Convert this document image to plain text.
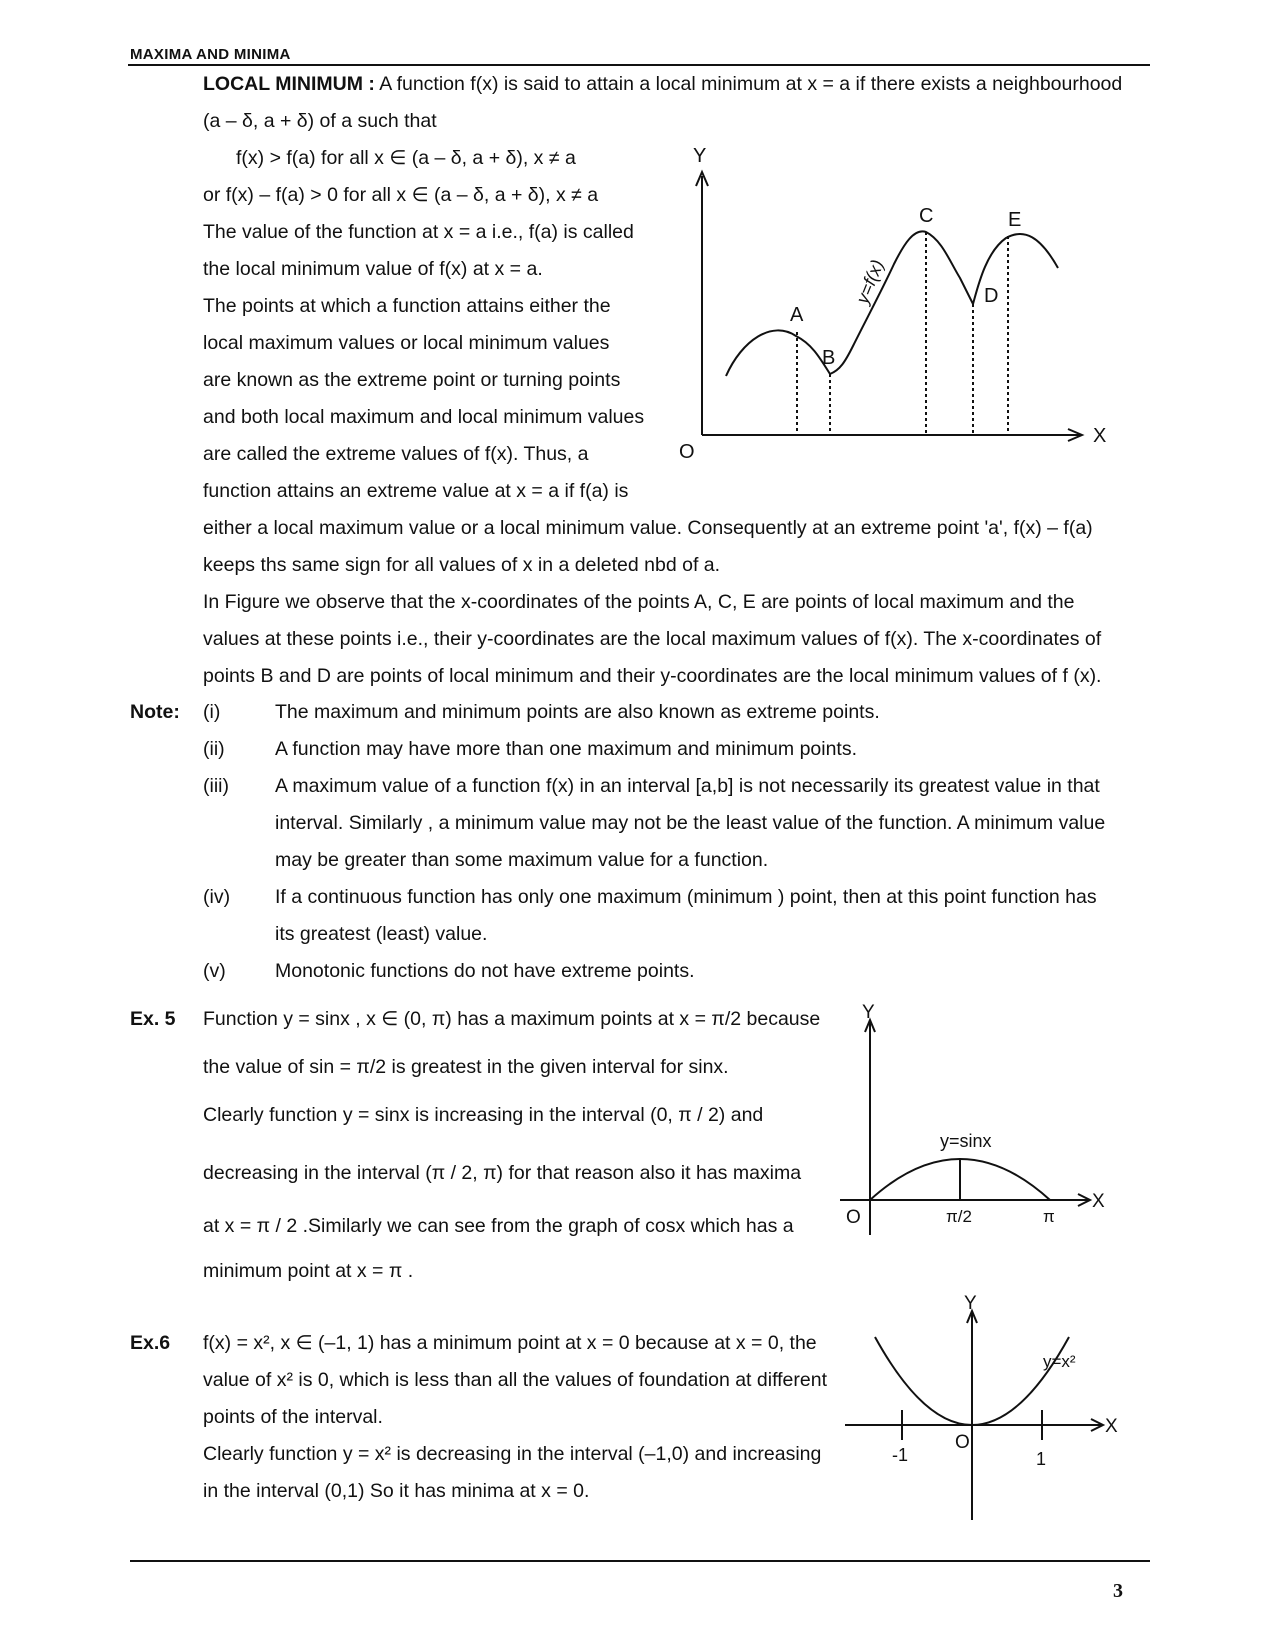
MAXIMA AND MINIMA
LOCAL MINIMUM : A function f(x) is said to attain a local minimum at x = a if there exists a neighbourhood
(a – δ, a + δ) of a such that
f(x) > f(a) for all x ∈ (a – δ, a + δ), x ≠ a
or f(x) – f(a) > 0 for all x ∈ (a – δ, a + δ), x ≠ a
The value of the function at x = a i.e., f(a) is called
the local minimum value of f(x) at x = a.
The points at which a function attains either the
local maximum values or local minimum values
are known as the extreme point or turning points
and both local maximum and local minimum values
are called the extreme values of f(x). Thus, a
function attains an extreme value at x = a if f(a) is
either a local maximum value or a local minimum value. Consequently at an extreme point 'a', f(x) – f(a)
keeps ths same sign for all values of x in a deleted nbd of a.
In Figure we observe that the x-coordinates of the points A, C, E are points of local maximum and the
values at these points i.e., their y-coordinates are the local maximum values of f(x). The x-coordinates of
points B and D are points of local minimum and their y-coordinates are the local minimum values of f (x).
Y
X
O
A
B
C
D
E
y=f(x)
Note: (i)	The maximum and minimum points are also known as extreme points.
(ii)	A function may have more than one maximum and minimum points.
(iii) A maximum value of a function f(x) in an interval [a,b] is not necessarily its greatest value in that
interval. Similarly , a minimum value may not be the least value of the function. A minimum value
may be greater than some maximum value for a function.
(iv) If a continuous function has only one maximum (minimum ) point, then at this point function has
its greatest (least) value.
(v)	Monotonic functions do not have extreme points.
Ex. 5 Function y = sinx , x ∈ (0, π) has a maximum points at x = π/2 because
the value of sin = π/2 is greatest in the given interval for sinx.
Clearly function y = sinx is increasing in the interval (0, π / 2) and
decreasing in the interval (π / 2, π) for that reason also it has maxima
at x = π / 2 .Similarly we can see from the graph of cosx which has a
minimum point at x = π .
Y
X
O
y=sinx
π/2	π
Ex.6 f(x) = x², x ∈ (–1, 1) has a minimum point at x = 0 because at x = 0, the
value of x² is 0, which is less than all the values of foundation at different
points of the interval.
Clearly function y = x² is decreasing in the interval (–1,0) and increasing
in the interval (0,1) So it has minima at x = 0.
Y
X
O
-1	1
y=x²
3
